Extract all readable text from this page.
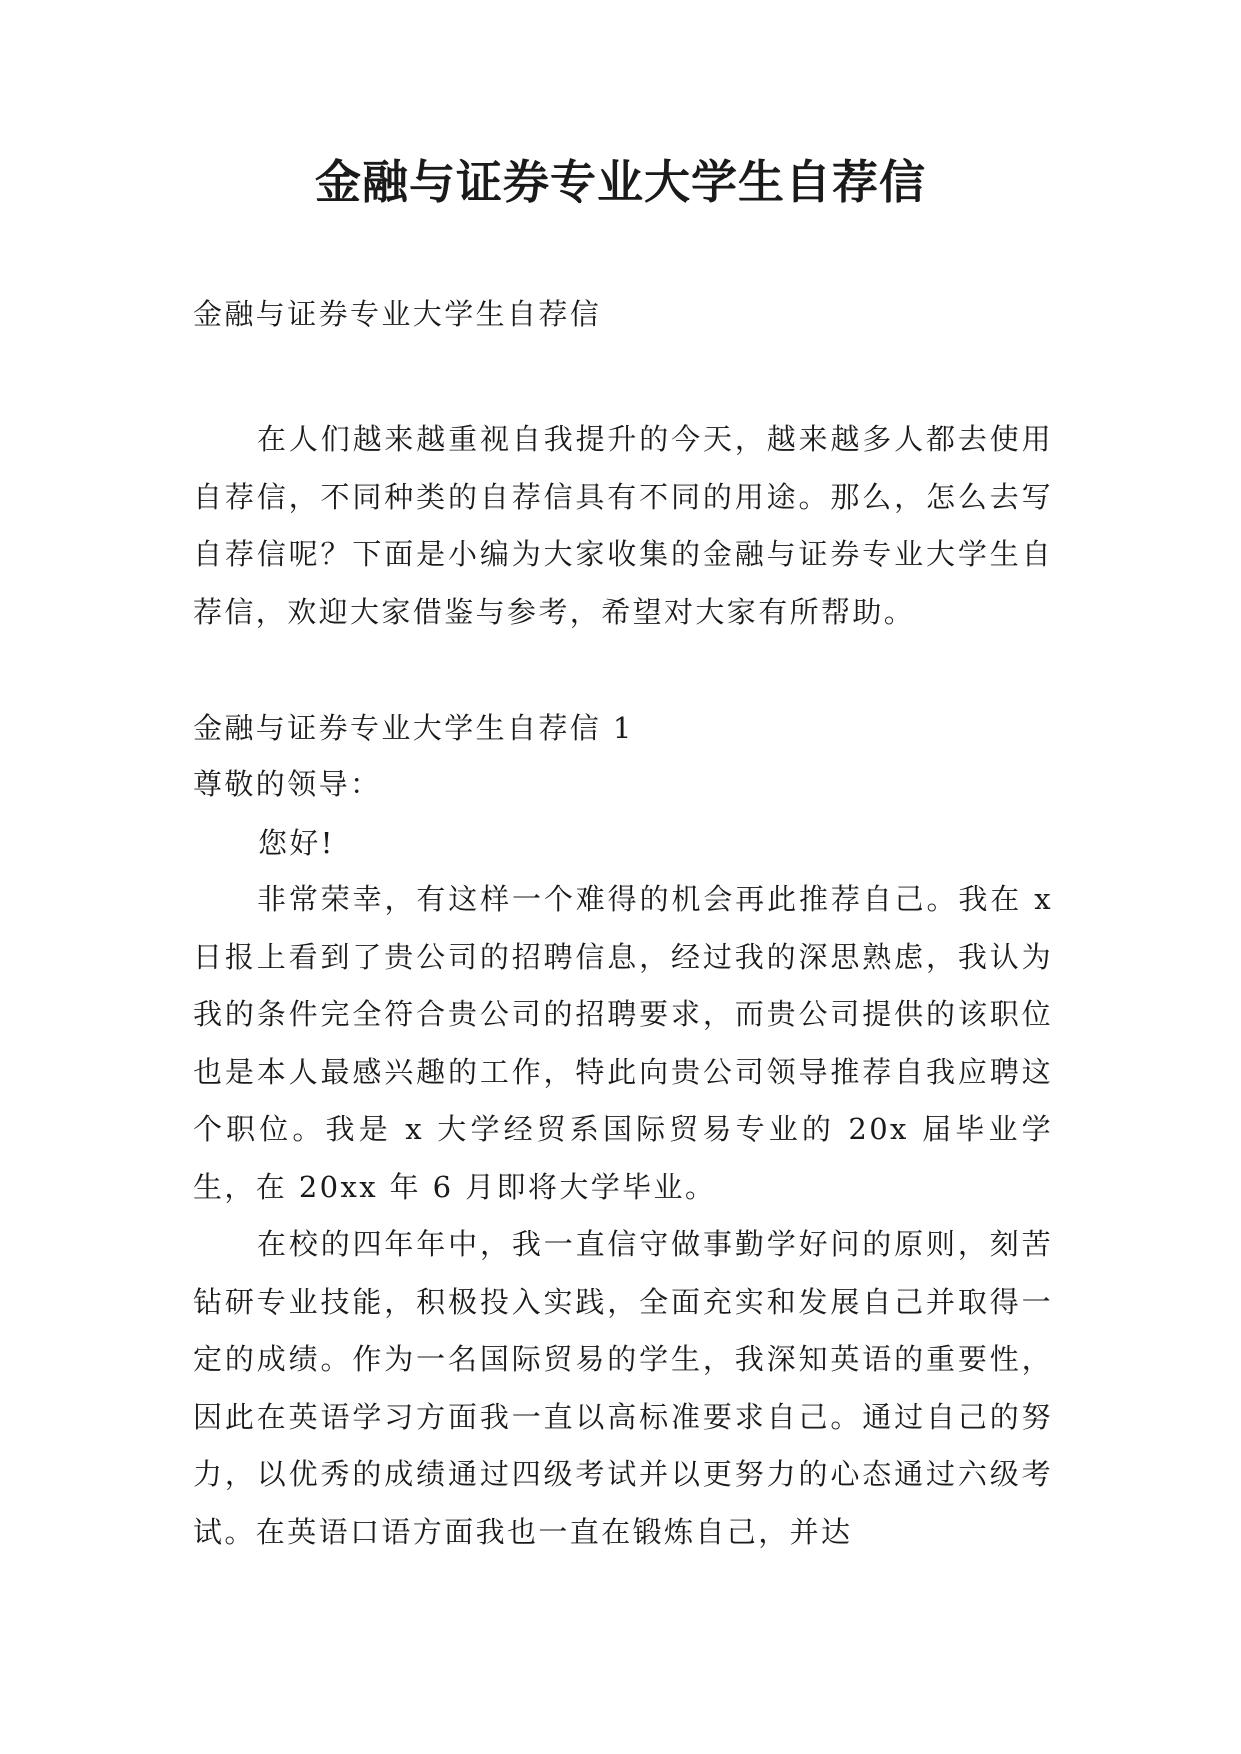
金融与证券专业大学生自荐信

金融与证券专业大学生自荐信

在人们越来越重视自我提升的今天，越来越多人都去使用自荐信，不同种类的自荐信具有不同的用途。那么，怎么去写自荐信呢？下面是小编为大家收集的金融与证券专业大学生自荐信，欢迎大家借鉴与参考，希望对大家有所帮助。

金融与证券专业大学生自荐信 1

尊敬的领导：

您好!

非常荣幸，有这样一个难得的机会再此推荐自己。我在 x 日报上看到了贵公司的招聘信息，经过我的深思熟虑，我认为我的条件完全符合贵公司的招聘要求，而贵公司提供的该职位也是本人最感兴趣的工作，特此向贵公司领导推荐自我应聘这个职位。我是 x 大学经贸系国际贸易专业的 20x 届毕业学生，在 20xx 年 6 月即将大学毕业。

在校的四年年中，我一直信守做事勤学好问的原则，刻苦钻研专业技能，积极投入实践，全面充实和发展自己并取得一定的成绩。作为一名国际贸易的学生，我深知英语的重要性，因此在英语学习方面我一直以高标准要求自己。通过自己的努力，以优秀的成绩通过四级考试并以更努力的心态通过六级考试。在英语口语方面我也一直在锻炼自己，并达
